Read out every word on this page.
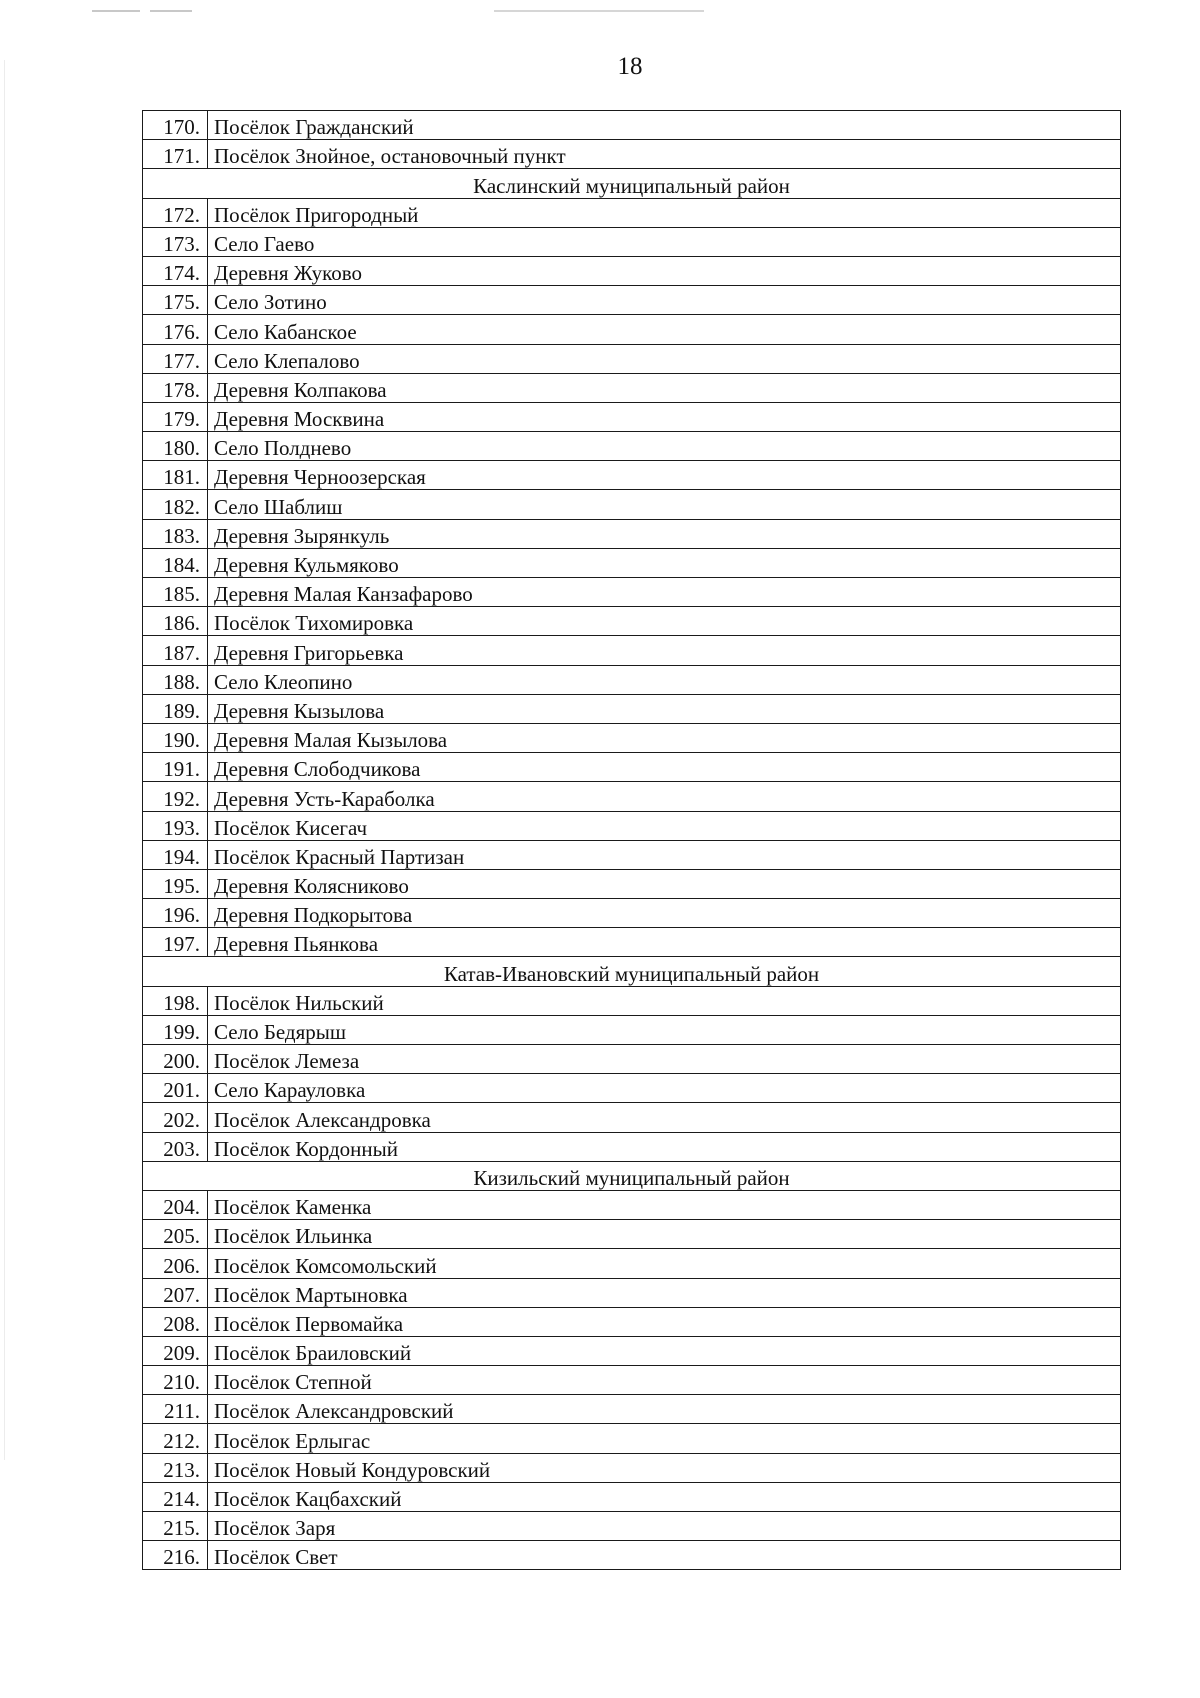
18
170.	Посёлок Гражданский
171.	Посёлок Знойное, остановочный пункт
Каслинский муниципальный район	
172.	Посёлок Пригородный
173.	Село Гаево
174.	Деревня Жуково
175.	Село Зотино
176.	Село Кабанское
177.	Село Клепалово
178.	Деревня Колпакова
179.	Деревня Москвина
180.	Село Полднево
181.	Деревня Черноозерская
182.	Село Шаблиш
183.	Деревня Зырянкуль
184.	Деревня Кульмяково
185.	Деревня Малая Канзафарово
186.	Посёлок Тихомировка
187.	Деревня Григорьевка
188.	Село Клеопино
189.	Деревня Кызылова
190.	Деревня Малая Кызылова
191.	Деревня Слободчикова
192.	Деревня Усть-Караболка
193.	Посёлок Кисегач
194.	Посёлок Красный Партизан
195.	Деревня Колясниково
196.	Деревня Подкорытова
197.	Деревня Пьянкова
Катав-Ивановский муниципальный район	
198.	Посёлок Нильский
199.	Село Бедярыш
200.	Посёлок Лемеза
201.	Село Карауловка
202.	Посёлок Александровка
203.	Посёлок Кордонный
Кизильский муниципальный район	
204.	Посёлок Каменка
205.	Посёлок Ильинка
206.	Посёлок Комсомольский
207.	Посёлок Мартыновка
208.	Посёлок Первомайка
209.	Посёлок Браиловский
210.	Посёлок Степной
211.	Посёлок Александровский
212.	Посёлок Ерлыгас
213.	Посёлок Новый Кондуровский
214.	Посёлок Кацбахский
215.	Посёлок Заря
216.	Посёлок Свет
